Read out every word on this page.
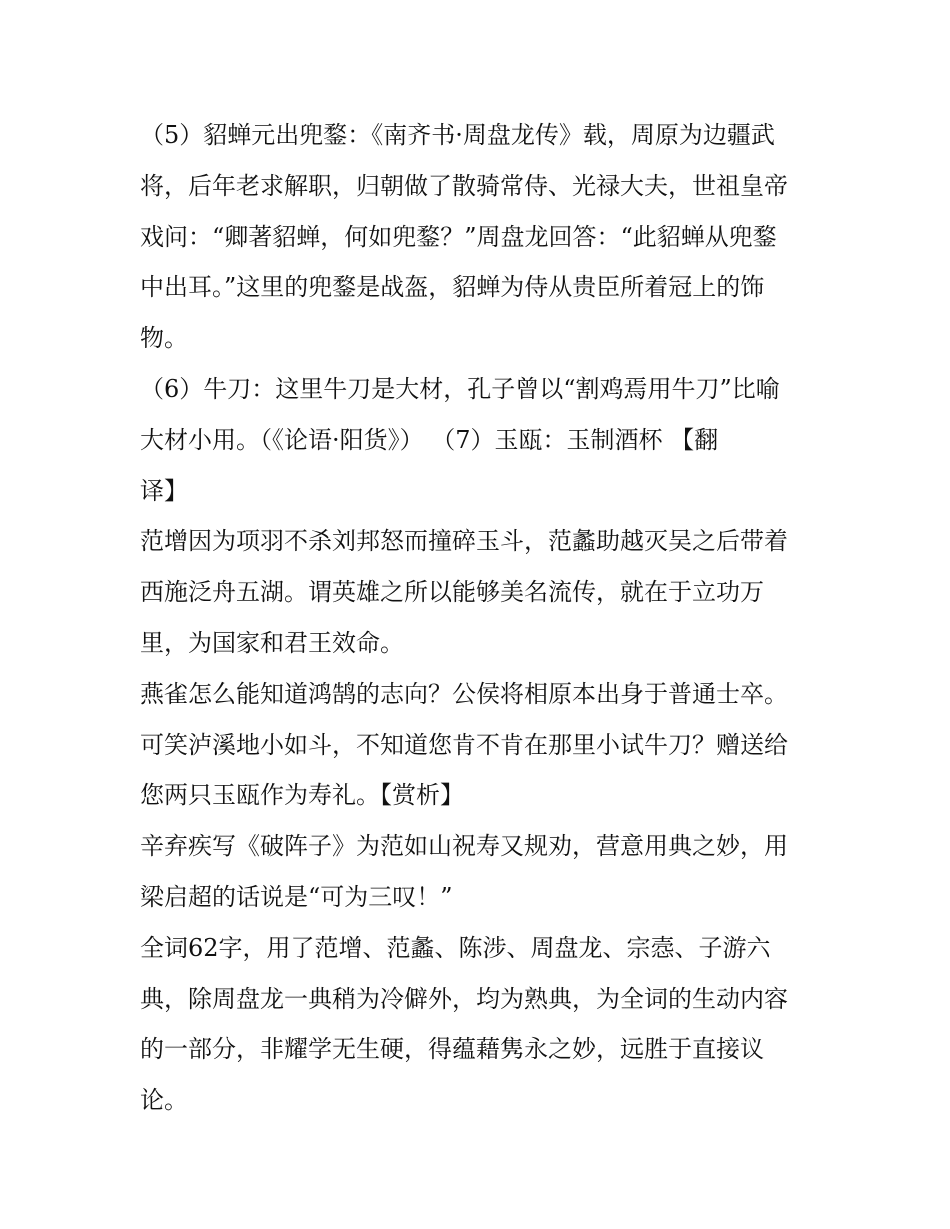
（5）貂蝉元出兜鍪：《南齐书·周盘龙传》载，周原为边疆武
将，后年老求解职，归朝做了散骑常侍、光禄大夫，世祖皇帝
戏问：“卿著貂蝉，何如兜鍪？”周盘龙回答：“此貂蝉从兜鍪
中出耳。”这里的兜鍪是战盔，貂蝉为侍从贵臣所着冠上的饰
物。
（6）牛刀：这里牛刀是大材，孔子曾以“割鸡焉用牛刀”比喻
大材小用。（《论语·阳货》） （7）玉瓯：玉制酒杯 【翻
译】
范增因为项羽不杀刘邦怒而撞碎玉斗，范蠡助越灭吴之后带着
西施泛舟五湖。谓英雄之所以能够美名流传，就在于立功万
里，为国家和君王效命。
燕雀怎么能知道鸿鹄的志向？公侯将相原本出身于普通士卒。
可笑泸溪地小如斗，不知道您肯不肯在那里小试牛刀？赠送给
您两只玉瓯作为寿礼。【赏析】
辛弃疾写《破阵子》为范如山祝寿又规劝，营意用典之妙，用
梁启超的话说是“可为三叹！”
全词62字，用了范增、范蠡、陈涉、周盘龙、宗悫、子游六
典，除周盘龙一典稍为冷僻外，均为熟典，为全词的生动内容
的一部分，非耀学无生硬，得蕴藉隽永之妙，远胜于直接议
论。
